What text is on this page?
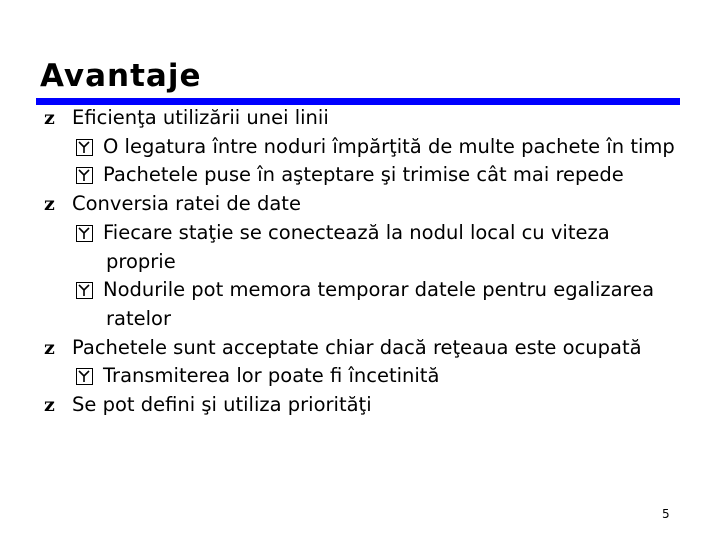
Avantaje
z Eficienţa utilizării unei linii
O legatura între noduri împărţită de multe pachete în timp
Pachetele puse în aşteptare şi trimise cât mai repede
z Conversia ratei de date
Fiecare staţie se conectează la nodul local cu viteza proprie
Nodurile pot memora temporar datele pentru egalizarea ratelor
z Pachetele sunt acceptate chiar dacă reţeaua este ocupată
Transmiterea lor poate fi încetinită
z Se pot defini şi utiliza priorităţi
5
